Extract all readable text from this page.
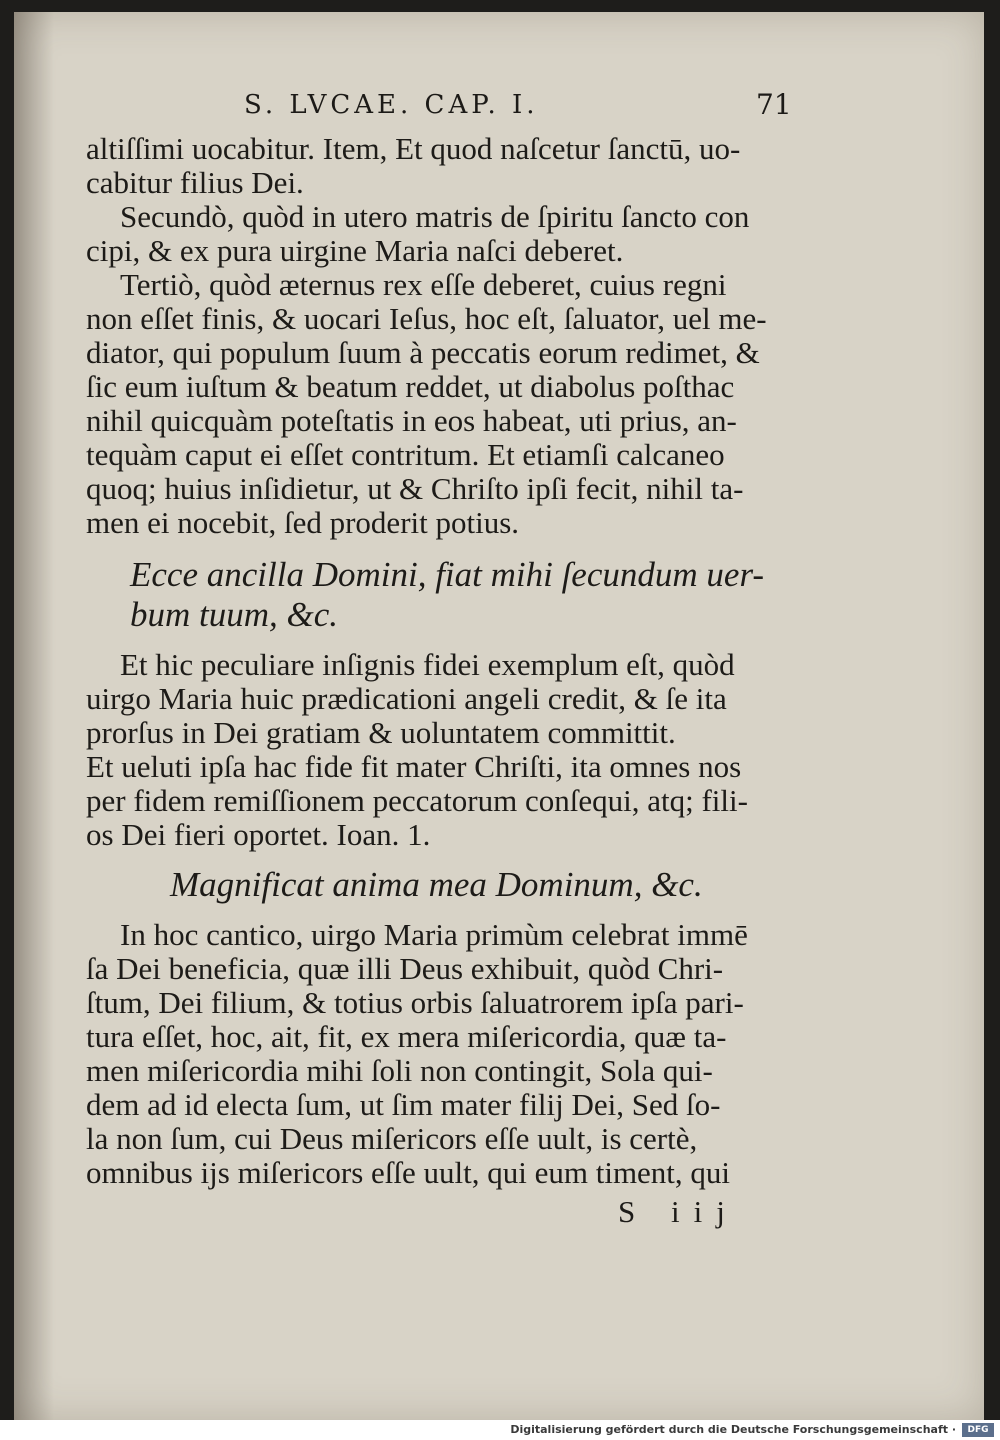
S. LVCAE. CAP. I.	71
altiſſimi uocabitur. Item, Et quod naſcetur ſanctū, uo-
cabitur filius Dei.
Secundò, quòd in utero matris de ſpiritu ſancto con
cipi, & ex pura uirgine Maria naſci deberet.
Tertiò, quòd æternus rex eſſe deberet, cuius regni
non eſſet finis, & uocari Ieſus, hoc eſt, ſaluator, uel me-
diator, qui populum ſuum à peccatis eorum redimet, &
ſic eum iuſtum & beatum reddet, ut diabolus poſthac
nihil quicquàm poteſtatis in eos habeat, uti prius, an-
tequàm caput ei eſſet contritum. Et etiamſi calcaneo
quoq; huius inſidietur, ut & Chriſto ipſi fecit, nihil ta-
men ei nocebit, ſed proderit potius.
Ecce ancilla Domini, fiat mihi ſecundum uer-
bum tuum, &c.
Et hic peculiare inſignis fidei exemplum eſt, quòd
uirgo Maria huic prædicationi angeli credit, & ſe ita
prorſus in Dei gratiam & uoluntatem committit.
Et ueluti ipſa hac fide fit mater Chriſti, ita omnes nos
per fidem remiſſionem peccatorum conſequi, atq; fili-
os Dei fieri oportet. Ioan. 1.
Magnificat anima mea Dominum, &c.
In hoc cantico, uirgo Maria primùm celebrat immē
ſa Dei beneficia, quæ illi Deus exhibuit, quòd Chri-
ſtum, Dei filium, & totius orbis ſaluatrorem ipſa pari-
tura eſſet, hoc, ait, fit, ex mera miſericordia, quæ ta-
men miſericordia mihi ſoli non contingit, Sola qui-
dem ad id electa ſum, ut ſim mater filij Dei, Sed ſo-
la non ſum, cui Deus miſericors eſſe uult, is certè,
omnibus ijs miſericors eſſe uult, qui eum timent, qui
S iij
Digitalisierung gefördert durch die Deutsche Forschungsgemeinschaft ·	DFG
